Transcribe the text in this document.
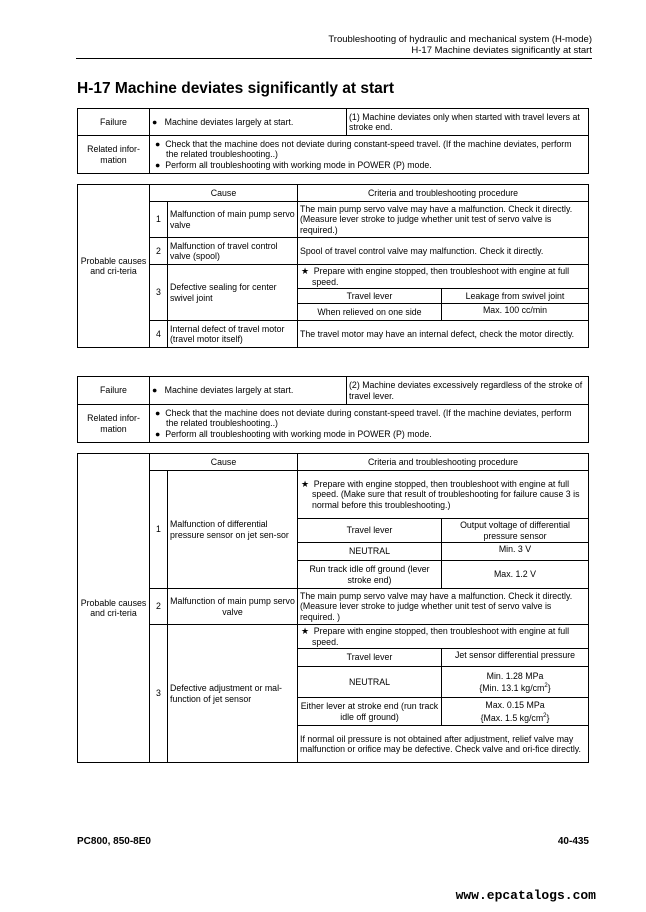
Troubleshooting of hydraulic and mechanical system (H-mode)
H-17 Machine deviates significantly at start
H-17 Machine deviates significantly at start
Failure	● Machine deviates largely at start.	(1) Machine deviates only when started with travel levers at stroke end.
Related infor-mation	● Check that the machine does not deviate during constant-speed travel. (If the machine deviates, perform the related troubleshooting..)
● Perform all troubleshooting with working mode in POWER (P) mode.	
Probable causes and cri-teria	Cause		Criteria and troubleshooting procedure	
	1	Malfunction of main pump servo valve	The main pump servo valve may have a malfunction. Check it directly. (Measure lever stroke to judge whether unit test of servo valve is required.)	
	2	Malfunction of travel control valve (spool)	Spool of travel control valve may malfunction. Check it directly.	
	3	Defective sealing for center swivel joint	★ Prepare with engine stopped, then troubleshoot with engine at full speed.	
			Travel lever	Leakage from swivel joint
			When relieved on one side	Max. 100 cc/min
	4	Internal defect of travel motor (travel motor itself)	The travel motor may have an internal defect, check the motor directly.	
Failure	● Machine deviates largely at start.	(2) Machine deviates excessively regardless of the stroke of travel lever.
Related infor-mation	● Check that the machine does not deviate during constant-speed travel. (If the machine deviates, perform the related troubleshooting..)
● Perform all troubleshooting with working mode in POWER (P) mode.	
Probable causes and cri-teria	Cause		Criteria and troubleshooting procedure	
	1	Malfunction of differential pressure sensor on jet sen-sor	★ Prepare with engine stopped, then troubleshoot with engine at full speed. (Make sure that result of troubleshooting for failure cause 3 is normal before this troubleshooting.)	
			Travel lever	Output voltage of differential pressure sensor
			NEUTRAL	Min. 3 V
			Run track idle off ground (lever stroke end)	Max. 1.2 V
	2	Malfunction of main pump servo valve	The main pump servo valve may have a malfunction. Check it directly. (Measure lever stroke to judge whether unit test of servo valve is required. )	
	3	Defective adjustment or mal-function of jet sensor	★ Prepare with engine stopped, then troubleshoot with engine at full speed.	
			Travel lever	Jet sensor differential pressure
			NEUTRAL	Min. 1.28 MPa
{Min. 13.1 $kg/cm^2$}

			Either lever at stroke end (run track idle off ground)	Max. 0.15 MPa
{Max. 1.5 $kg/cm^2$}

			If normal oil pressure is not obtained after adjustment, relief valve may malfunction or orifice may be defective. Check valve and ori-fice directly.	
PC800, 850-8E0	40-435
www.epcatalogs.com
